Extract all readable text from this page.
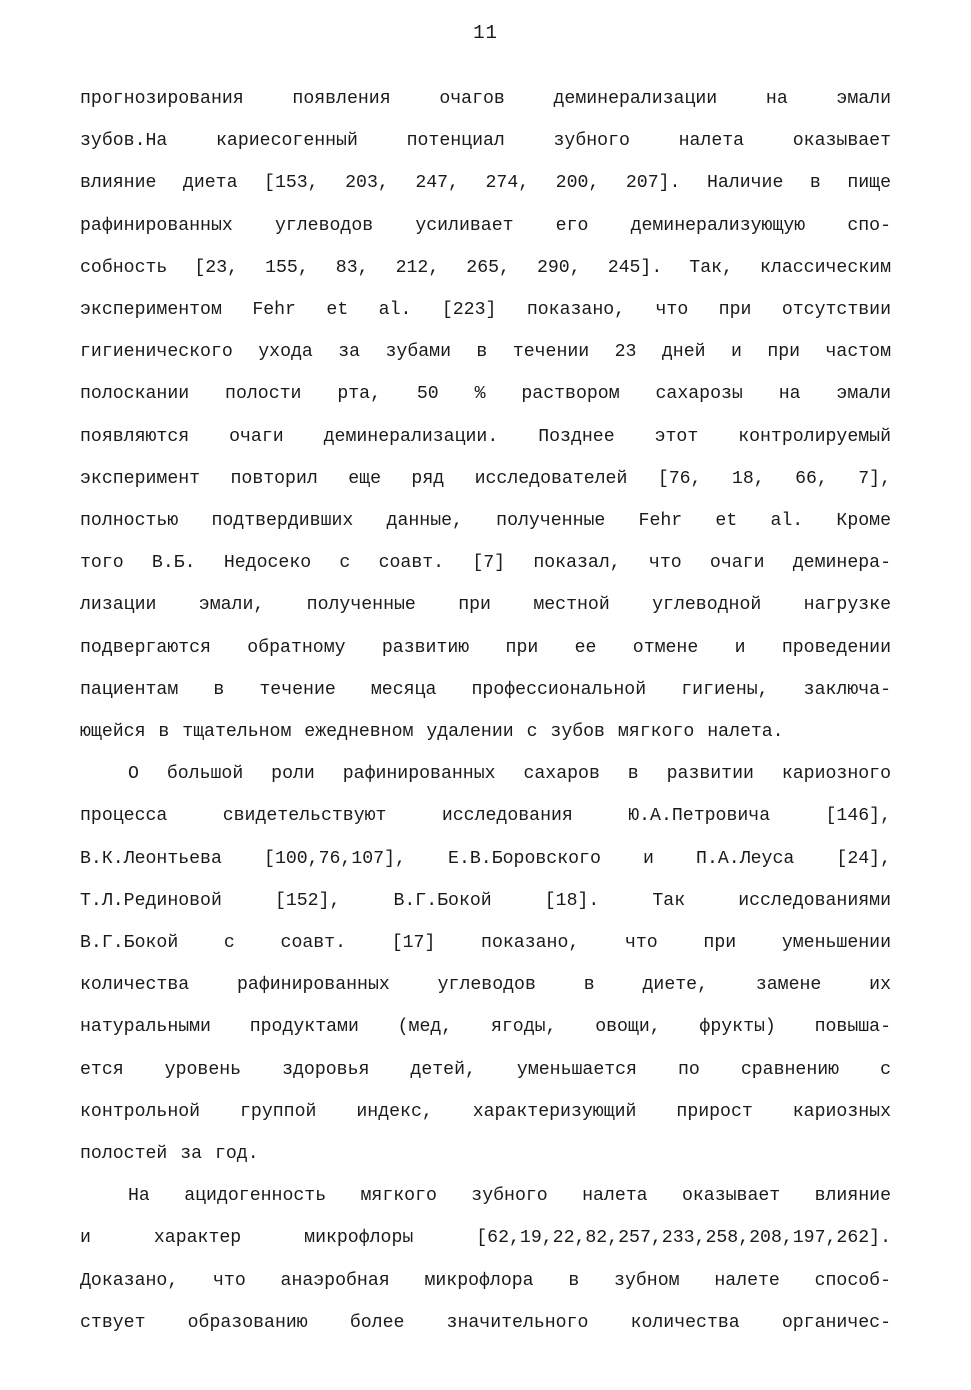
11
прогнозирования появления очагов деминерализации на эмали
зубов.На кариесогенный потенциал зубного налета оказывает
влияние диета [153, 203, 247, 274, 200, 207]. Наличие в пище
рафинированных углеводов усиливает его деминерализующую спо-
собность [23, 155, 83, 212, 265, 290, 245]. Так, классическим
экспериментом Fehr et al. [223] показано, что при отсутствии
гигиенического ухода за зубами в течении 23 дней и при частом
полоскании полости рта, 50 % раствором сахарозы на эмали
появляются очаги деминерализации. Позднее этот контролируемый
эксперимент повторил еще ряд исследователей [76, 18, 66, 7],
полностью подтвердивших данные, полученные Fehr et al. Кроме
того В.Б. Недосеко с соавт. [7] показал, что очаги деминера-
лизации эмали, полученные при местной углеводной нагрузке
подвергаются обратному развитию при ее отмене и проведении
пациентам в течение месяца профессиональной гигиены, заключа-
ющейся в тщательном ежедневном удалении с зубов мягкого налета.
О большой роли рафинированных сахаров в развитии кариозного
процесса свидетельствуют исследования Ю.А.Петровича [146],
В.К.Леонтьева [100,76,107], Е.В.Боровского и П.А.Леуса [24],
Т.Л.Рединовой [152], В.Г.Бокой [18]. Так исследованиями
В.Г.Бокой с соавт. [17] показано, что при уменьшении
количества рафинированных углеводов в диете, замене их
натуральными продуктами (мед, ягоды, овощи, фрукты) повыша-
ется уровень здоровья детей, уменьшается по сравнению с
контрольной группой индекс, характеризующий прирост кариозных
полостей за год.
На ацидогенность мягкого зубного налета оказывает влияние
и характер микрофлоры [62,19,22,82,257,233,258,208,197,262].
Доказано, что анаэробная микрофлора в зубном налете способ-
ствует образованию более значительного количества органичес-
